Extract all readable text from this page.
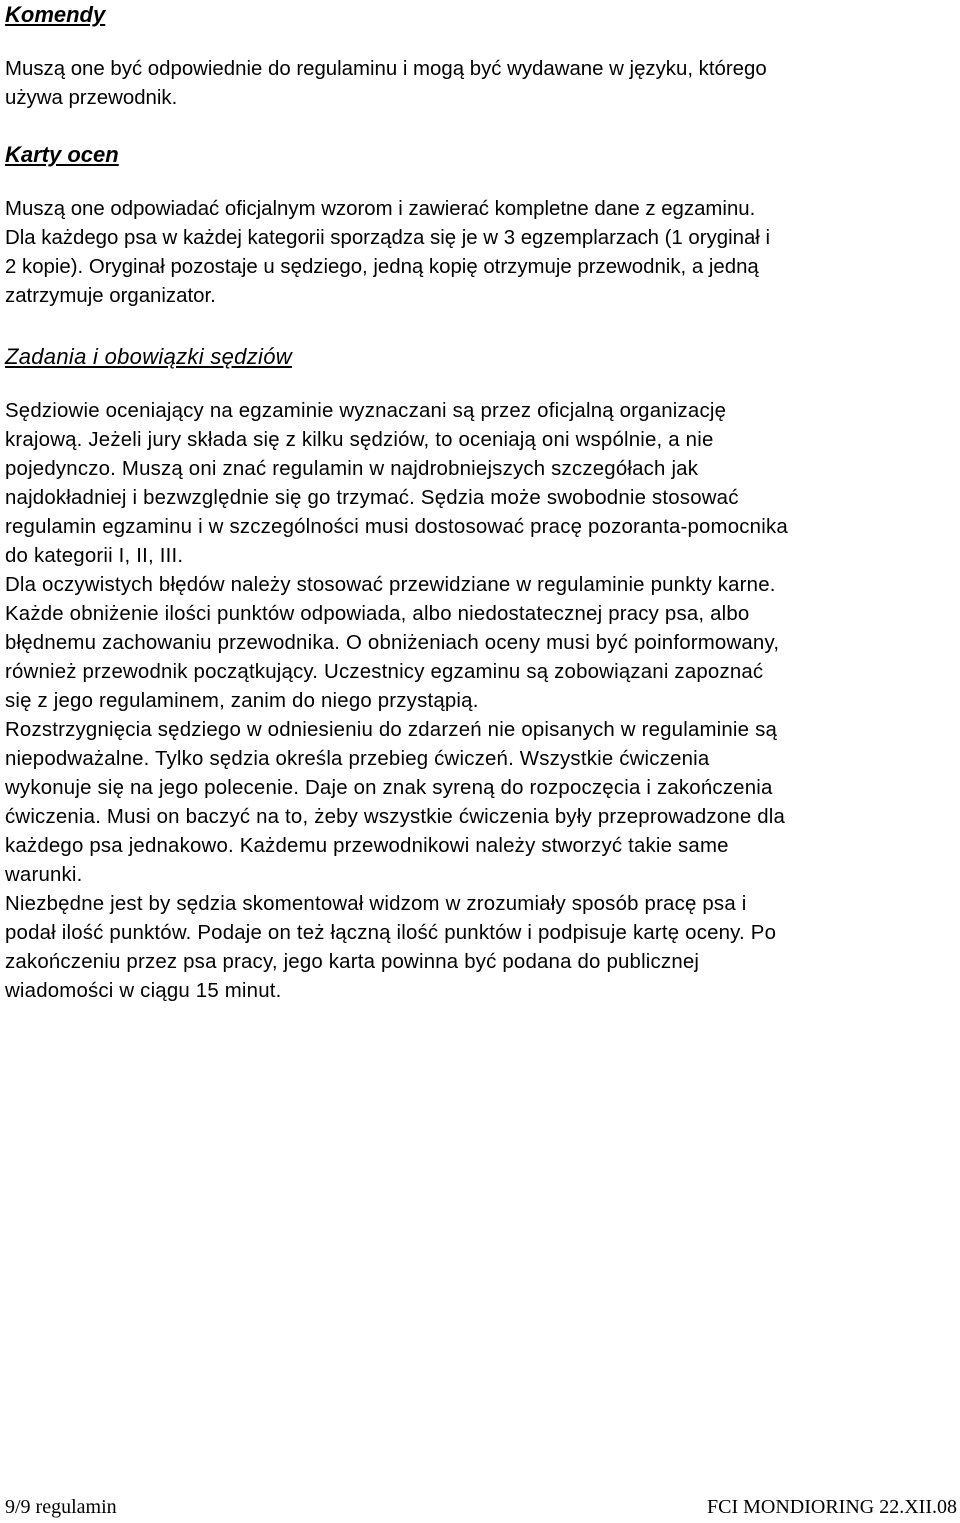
Komendy

Muszą one być odpowiednie do regulaminu i mogą być wydawane w języku, którego
używa przewodnik.

Karty ocen

Muszą one odpowiadać oficjalnym wzorom i zawierać kompletne dane z egzaminu.
Dla każdego psa w każdej kategorii sporządza się je w 3 egzemplarzach (1 oryginał i
2 kopie). Oryginał pozostaje u sędziego, jedną kopię otrzymuje przewodnik, a jedną
zatrzymuje organizator.

Zadania i obowiązki sędziów

Sędziowie oceniający na egzaminie wyznaczani są przez oficjalną organizację
krajową. Jeżeli jury składa się z kilku sędziów, to oceniają oni wspólnie, a nie
pojedynczo. Muszą oni znać regulamin w najdrobniejszych szczegółach jak
najdokładniej i bezwzględnie się go trzymać. Sędzia może swobodnie stosować
regulamin egzaminu i w szczególności musi dostosować pracę pozoranta-pomocnika
do kategorii I, II, III.
Dla oczywistych błędów należy stosować przewidziane w regulaminie punkty karne.
Każde obniżenie ilości punktów odpowiada, albo niedostatecznej pracy psa, albo
błędnemu zachowaniu przewodnika. O obniżeniach oceny musi być poinformowany,
również przewodnik początkujący. Uczestnicy egzaminu są zobowiązani zapoznać
się z jego regulaminem, zanim do niego przystąpią.
Rozstrzygnięcia sędziego w odniesieniu do zdarzeń nie opisanych w regulaminie są
niepodważalne. Tylko sędzia określa przebieg ćwiczeń. Wszystkie ćwiczenia
wykonuje się na jego polecenie. Daje on znak syreną do rozpoczęcia i zakończenia
ćwiczenia. Musi on baczyć na to, żeby wszystkie ćwiczenia były przeprowadzone dla
każdego psa jednakowo. Każdemu przewodnikowi należy stworzyć takie same
warunki.
Niezbędne jest by sędzia skomentował widzom w zrozumiały sposób pracę psa i
podał ilość punktów. Podaje on też łączną ilość punktów i podpisuje kartę oceny. Po
zakończeniu przez psa pracy, jego karta powinna być podana do publicznej
wiadomości w ciągu 15 minut.

9/9 regulamin	FCI MONDIORING 22.XII.08
